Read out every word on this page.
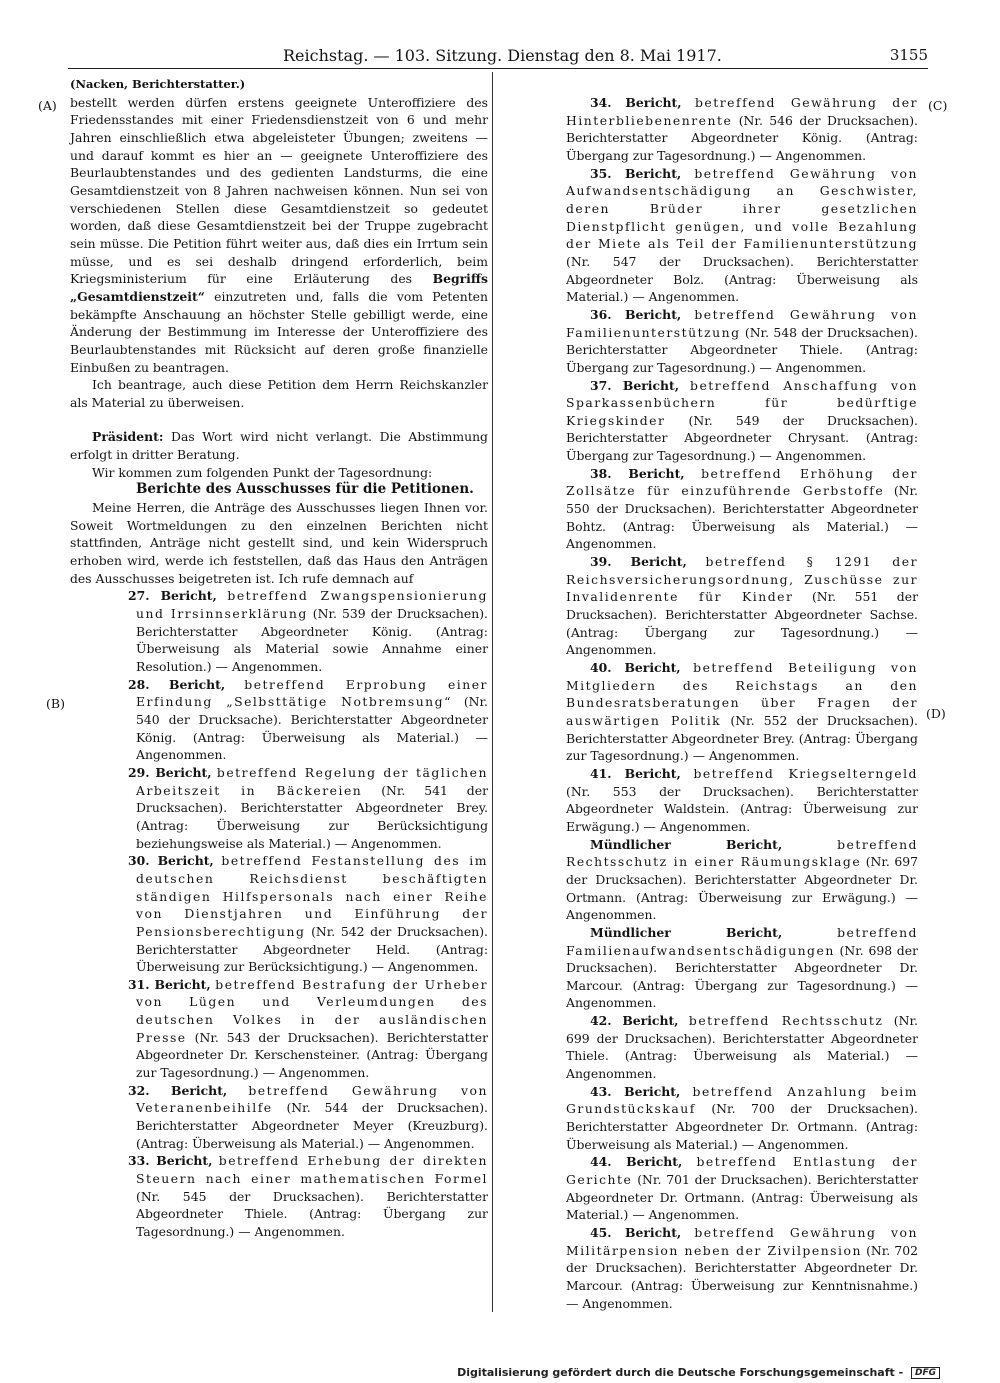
Reichstag. — 103. Sitzung. Dienstag den 8. Mai 1917.	3155
(A)
(B)
(C)
(D)

(Nacken, Berichterstatter.)

bestellt werden dürfen erstens geeignete Unteroffiziere des Friedensstandes mit einer Friedensdienstzeit von 6 und mehr Jahren einschließlich etwa abgeleisteter Übungen; zweitens — und darauf kommt es hier an — geeignete Unteroffiziere des Beurlaubtenstandes und des gedienten Landsturms, die eine Gesamtdienstzeit von 8 Jahren nachweisen können. Nun sei von verschiedenen Stellen diese Gesamtdienstzeit so gedeutet worden, daß diese Gesamtdienstzeit bei der Truppe zugebracht sein müsse. Die Petition führt weiter aus, daß dies ein Irrtum sein müsse, und es sei deshalb dringend erforderlich, beim Kriegsministerium für eine Erläuterung des Begriffs „Gesamtdienstzeit“ einzutreten und, falls die vom Petenten bekämpfte Anschauung an höchster Stelle gebilligt werde, eine Änderung der Bestimmung im Interesse der Unteroffiziere des Beurlaubtenstandes mit Rücksicht auf deren große finanzielle Einbußen zu beantragen.

Ich beantrage, auch diese Petition dem Herrn Reichskanzler als Material zu überweisen.

Präsident: Das Wort wird nicht verlangt. Die Abstimmung erfolgt in dritter Beratung.

Wir kommen zum folgenden Punkt der Tagesordnung:

Berichte des Ausschusses für die Petitionen.

Meine Herren, die Anträge des Ausschusses liegen Ihnen vor. Soweit Wortmeldungen zu den einzelnen Berichten nicht stattfinden, Anträge nicht gestellt sind, und kein Widerspruch erhoben wird, werde ich feststellen, daß das Haus den Anträgen des Ausschusses beigetreten ist. Ich rufe demnach auf

27. Bericht, betreffend Zwangspensionierung und Irrsinnserklärung (Nr. 539 der Drucksachen). Berichterstatter Abgeordneter König. (Antrag: Überweisung als Material sowie Annahme einer Resolution.) — Angenommen.

28. Bericht, betreffend Erprobung einer Erfindung „Selbsttätige Notbremsung“ (Nr. 540 der Drucksache). Berichterstatter Abgeordneter König. (Antrag: Überweisung als Material.) — Angenommen.

29. Bericht, betreffend Regelung der täglichen Arbeitszeit in Bäckereien (Nr. 541 der Drucksachen). Berichterstatter Abgeordneter Brey. (Antrag: Überweisung zur Berücksichtigung beziehungsweise als Material.) — Angenommen.

30. Bericht, betreffend Festanstellung des im deutschen Reichsdienst beschäftigten ständigen Hilfspersonals nach einer Reihe von Dienstjahren und Einführung der Pensionsberechtigung (Nr. 542 der Drucksachen). Berichterstatter Abgeordneter Held. (Antrag: Überweisung zur Berücksichtigung.) — Angenommen.

31. Bericht, betreffend Bestrafung der Urheber von Lügen und Verleumdungen des deutschen Volkes in der ausländischen Presse (Nr. 543 der Drucksachen). Berichterstatter Abgeordneter Dr. Kerschensteiner. (Antrag: Übergang zur Tagesordnung.) — Angenommen.

32. Bericht, betreffend Gewährung von Veteranenbeihilfe (Nr. 544 der Drucksachen). Berichterstatter Abgeordneter Meyer (Kreuzburg). (Antrag: Überweisung als Material.) — Angenommen.

33. Bericht, betreffend Erhebung der direkten Steuern nach einer mathematischen Formel (Nr. 545 der Drucksachen). Berichterstatter Abgeordneter Thiele. (Antrag: Übergang zur Tagesordnung.) — Angenommen.

34. Bericht, betreffend Gewährung der Hinterbliebenenrente (Nr. 546 der Drucksachen). Berichterstatter Abgeordneter König. (Antrag: Übergang zur Tagesordnung.) — Angenommen.

35. Bericht, betreffend Gewährung von Aufwandsentschädigung an Geschwister, deren Brüder ihrer gesetzlichen Dienstpflicht genügen, und volle Bezahlung der Miete als Teil der Familienunterstützung (Nr. 547 der Drucksachen). Berichterstatter Abgeordneter Bolz. (Antrag: Überweisung als Material.) — Angenommen.

36. Bericht, betreffend Gewährung von Familienunterstützung (Nr. 548 der Drucksachen). Berichterstatter Abgeordneter Thiele. (Antrag: Übergang zur Tagesordnung.) — Angenommen.

37. Bericht, betreffend Anschaffung von Sparkassenbüchern für bedürftige Kriegskinder (Nr. 549 der Drucksachen). Berichterstatter Abgeordneter Chrysant. (Antrag: Übergang zur Tagesordnung.) — Angenommen.

38. Bericht, betreffend Erhöhung der Zollsätze für einzuführende Gerbstoffe (Nr. 550 der Drucksachen). Berichterstatter Abgeordneter Bohtz. (Antrag: Überweisung als Material.) — Angenommen.

39. Bericht, betreffend § 1291 der Reichsversicherungsordnung, Zuschüsse zur Invalidenrente für Kinder (Nr. 551 der Drucksachen). Berichterstatter Abgeordneter Sachse. (Antrag: Übergang zur Tagesordnung.) — Angenommen.

40. Bericht, betreffend Beteiligung von Mitgliedern des Reichstags an den Bundesratsberatungen über Fragen der auswärtigen Politik (Nr. 552 der Drucksachen). Berichterstatter Abgeordneter Brey. (Antrag: Übergang zur Tagesordnung.) — Angenommen.

41. Bericht, betreffend Kriegselterngeld (Nr. 553 der Drucksachen). Berichterstatter Abgeordneter Waldstein. (Antrag: Überweisung zur Erwägung.) — Angenommen.

Mündlicher Bericht,	betreffend Rechtsschutz in einer Räumungsklage (Nr. 697 der Drucksachen). Berichterstatter Abgeordneter Dr. Ortmann. (Antrag: Überweisung zur Erwägung.) — Angenommen.

Mündlicher Bericht,	betreffend Familienaufwandsentschädigungen (Nr. 698 der Drucksachen). Berichterstatter Abgeordneter Dr. Marcour. (Antrag: Übergang zur Tagesordnung.) — Angenommen.

42. Bericht, betreffend Rechtsschutz (Nr. 699 der Drucksachen). Berichterstatter Abgeordneter Thiele. (Antrag: Überweisung als Material.) — Angenommen.

43. Bericht, betreffend Anzahlung beim Grundstückskauf (Nr. 700 der Drucksachen). Berichterstatter Abgeordneter Dr. Ortmann. (Antrag: Überweisung als Material.) — Angenommen.

44. Bericht, betreffend Entlastung der Gerichte (Nr. 701 der Drucksachen). Berichterstatter Abgeordneter Dr. Ortmann. (Antrag: Überweisung als Material.) — Angenommen.

45. Bericht, betreffend Gewährung von Militärpension neben der Zivilpension (Nr. 702 der Drucksachen). Berichterstatter Abgeordneter Dr. Marcour. (Antrag: Überweisung zur Kenntnisnahme.) — Angenommen.

Digitalisierung gefördert durch die Deutsche Forschungsgemeinschaft - DFG
